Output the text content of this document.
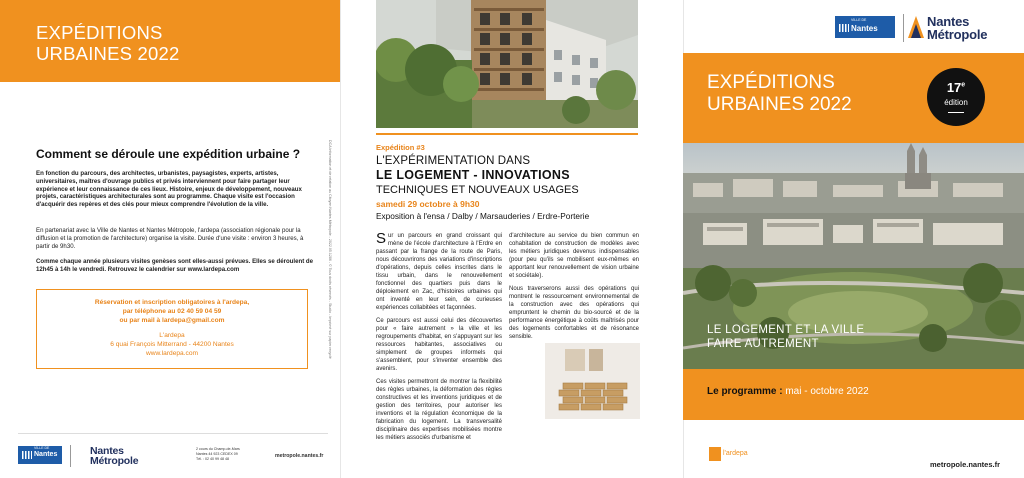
EXPÉDITIONS
URBAINES 2022
Comment se déroule une expédition urbaine ?

En fonction du parcours, des architectes, urbanistes, paysagistes, experts, artistes, universitaires, maîtres d'ouvrage publics et privés interviennent pour faire partager leur expérience et leur connaissance de ces lieux. Histoire, enjeux de développement, nouveaux projets, caractéristiques architecturales sont au programme. Chaque visite est l'occasion d'acquérir des repères et des clés pour mieux comprendre l'évolution de la ville.

En partenariat avec la Ville de Nantes et Nantes Métropole, l'ardepa (association régionale pour la diffusion et la promotion de l'architecture) organise la visite. Durée d'une visite : environ 3 heures, à partir de 9h30.

Comme chaque année plusieurs visites genèses sont elles-aussi prévues. Elles se déroulent de 12h45 à 14h le vendredi. Retrouvez le calendrier sur www.lardepa.com

Réservation et inscription obligatoires à l'ardepa,
par téléphone au 02 40 59 04 59
ou par mail à lardepa@gmail.com
L'ardepa
6 quai François Mitterrand - 44200 Nantes
www.lardepa.com	DCA Information et de relation au Citoyen Nantes Métropole - 2022.05.1286 - © Tous droits réservés - Studio - Imprimé sur papier recyclé
VILLE DE
Nantes	Nantes
Métropole
2 cours du Champ-de-Mars
Nantes 44 923 CEDEX 09
Tél. : 02 40 99 48 48	metropole.nantes.fr
Expédition #3
L'EXPÉRIMENTATION DANS
LE LOGEMENT - INNOVATIONS
TECHNIQUES ET NOUVEAUX USAGES
samedi 29 octobre à 9h30
Exposition à l'ensa / Dalby / Marsauderies / Erdre-Porterie

Sur un parcours en grand croissant qui mène de l'école d'architecture à l'Erdre en passant par la frange de la route de Paris, nous découvrirons des variations d'inscriptions d'opérations, depuis celles inscrites dans le tissu urbain, dans le renouvellement fonctionnel des quartiers puis dans le déploiement en Zac, d'histoires urbaines qui ont inventé en leur sein, de curieuses expériences collabitées et façonnées.

Ce parcours est aussi celui des découvertes pour « faire autrement » la ville et les regroupements d'habitat, en s'appuyant sur les ressources habitantes, associatives ou simplement de groupes informels qui s'assemblent, pour s'inventer ensemble des avenirs.

Ces visites permettront de montrer la flexibilité des règles urbaines, la déformation des règles constructives et les inventions juridiques et de gestion des territoires, pour autoriser les inventions et la régulation économique de la fabrication du logement. La transversalité disciplinaire des expertises mobilisées montre les métiers associés d'urbanisme et

d'architecture au service du bien commun en cohabitation de construction de modèles avec les métiers juridiques devenus indispensables (pour peu qu'ils se mobilisent eux-mêmes en apportant leur renouvellement de vision urbaine et sociétale).

Nous traverserons aussi des opérations qui montrent le ressourcement environnemental de la construction avec des opérations qui empruntent le chemin du bio-sourcé et de la performance énergétique à coûts maîtrisés pour des logements confortables et de résonance sensible.

VILLE DE
Nantes	Nantes
Métropole
EXPÉDITIONS
URBAINES 2022
17e
édition
LE LOGEMENT ET LA VILLE
FAIRE AUTREMENT
Le programme : mai - octobre 2022
l'ardepa
metropole.nantes.fr
